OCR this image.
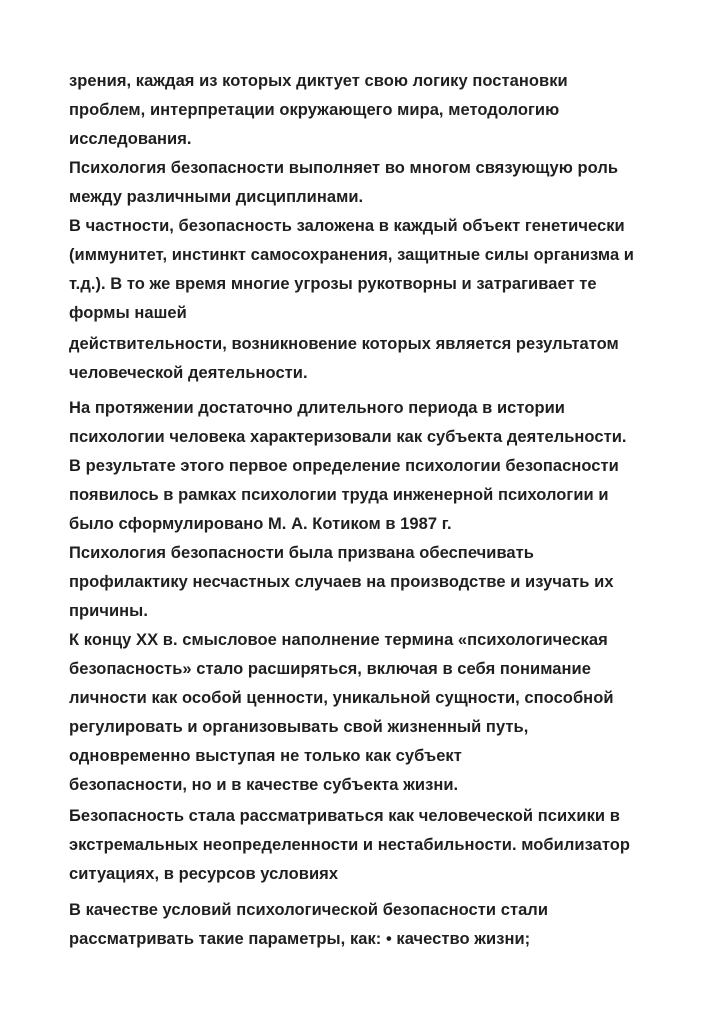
зрения, каждая из которых диктует свою логику постановки
проблем, интерпретации окружающего мира, методологию
исследования.
Психология безопасности выполняет во многом связующую роль
между различными дисциплинами.
В частности, безопасность заложена в каждый объект генетически
(иммунитет, инстинкт самосохранения, защитные силы организма и
т.д.). В то же время многие угрозы рукотворны и затрагивает те
формы нашей
действительности, возникновение которых является результатом
человеческой деятельности.
На протяжении достаточно длительного периода в истории
психологии человека характеризовали как субъекта деятельности.
В результате этого первое определение психологии безопасности
появилось в рамках психологии труда инженерной психологии и
было сформулировано М. А. Котиком в 1987 г.
Психология безопасности была призвана обеспечивать
профилактику несчастных случаев на производстве и изучать их
причины.
К концу XX в. смысловое наполнение термина «психологическая
безопасность» стало расширяться, включая в себя понимание
личности как особой ценности, уникальной сущности, способной
регулировать и организовывать свой жизненный путь,
одновременно выступая не только как субъект
безопасности, но и в качестве субъекта жизни.
Безопасность стала рассматриваться как человеческой психики в
экстремальных неопределенности и нестабильности. мобилизатор
ситуациях, в ресурсов условиях
В качестве условий психологической безопасности стали
рассматривать такие параметры, как: • качество жизни;
